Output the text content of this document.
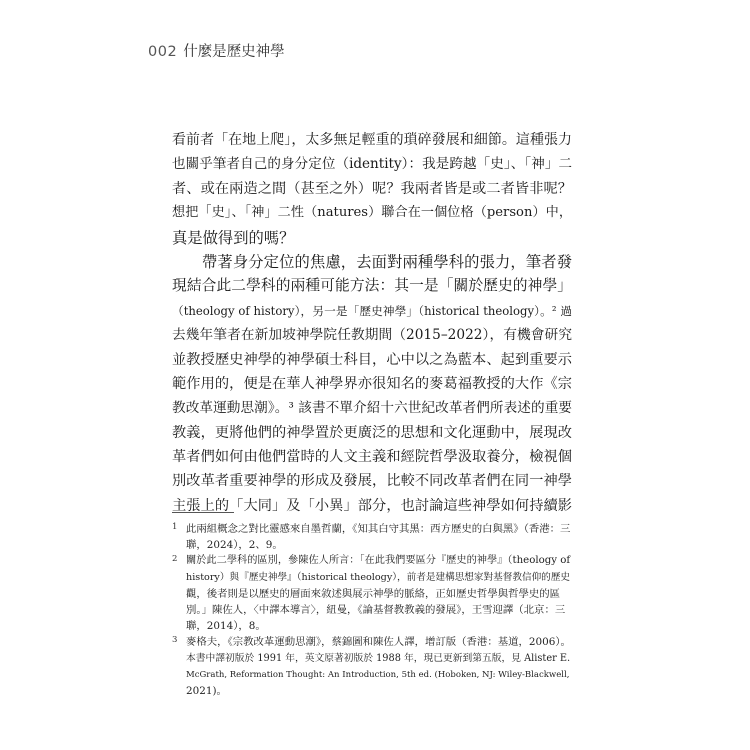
002 什麼是歷史神學
看前者「在地上爬」，太多無足輕重的瑣碎發展和細節。這種張力
也關乎筆者自己的身分定位（identity）：我是跨越「史」、「神」二
者、或在兩造之間（甚至之外）呢？我兩者皆是或二者皆非呢？
想把「史」、「神」二性（natures）聯合在一個位格（person）中，
真是做得到的嗎？
帶著身分定位的焦慮，去面對兩種學科的張力，筆者發
現結合此二學科的兩種可能方法：其一是「關於歷史的神學」
（theology of history），另一是「歷史神學」（historical theology）。² 過
去幾年筆者在新加坡神學院任教期間（2015–2022），有機會研究
並教授歷史神學的神學碩士科目，心中以之為藍本、起到重要示
範作用的，便是在華人神學界亦很知名的麥葛福教授的大作《宗
教改革運動思潮》。³ 該書不單介紹十六世紀改革者們所表述的重要
教義，更將他們的神學置於更廣泛的思想和文化運動中，展現改
革者們如何由他們當時的人文主義和經院哲學汲取養分，檢視個
別改革者重要神學的形成及發展，比較不同改革者們在同一神學
主張上的「大同」及「小異」部分，也討論這些神學如何持續影
1 此兩組概念之對比靈感來自墨哲蘭，《知其白守其黑：西方歷史的白與黑》（香港：三
聯，2024），2、9。
2 關於此二學科的區別，參陳佐人所言：「在此我們要區分『歷史的神學』（theology of
history）與『歷史神學』（historical theology），前者是建構思想家對基督教信仰的歷史
觀，後者則是以歷史的層面來敘述與展示神學的脈絡，正如歷史哲學與哲學史的區
別。」陳佐人，〈中譯本導言〉，紐曼，《論基督教教義的發展》，王雪迎譯（北京：三
聯，2014），8。
3 麥格夫，《宗教改革運動思潮》，蔡錦圖和陳佐人譯，增訂版（香港：基道，2006）。
本書中譯初版於 1991 年，英文原著初版於 1988 年，現已更新到第五版，見 Alister E.
McGrath, Reformation Thought: An Introduction, 5th ed. (Hoboken, NJ: Wiley-Blackwell,
2021)。
